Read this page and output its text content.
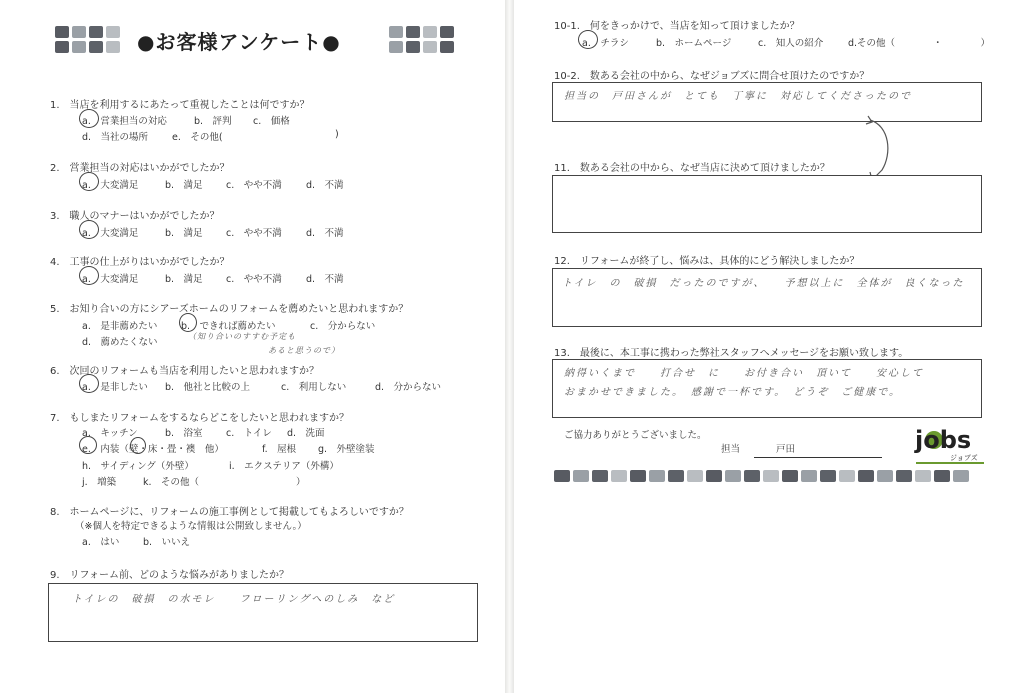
●お客様アンケート●
1.　当店を利用するにあたって重視したことは何ですか？
a.　営業担当の対応	b.　評判 c.　価格
d.　当社の場所	e.　その他(	)
2.　営業担当の対応はいかがでしたか？
a.　大変満足	b.　満足 c.　やや不満	d.　不満
3.　職人のマナーはいかがでしたか？
a.　大変満足	b.　満足 c.　やや不満	d.　不満
4.　工事の仕上がりはいかがでしたか？
a.　大変満足	b.　満足 c.　やや不満	d.　不満
5.　お知り合いの方にシアーズホームのリフォームを薦めたいと思われますか？
a.　是非薦めたい b.　できれば薦めたい	c.　分からない
d.　薦めたくない
（知り合いのすすむ予定も
あると思うので）
6.　次回のリフォームも当店を利用したいと思われますか？
a.　是非したい b.　他社と比較の上	c.　利用しない	d.　分からない
7.　もしまたリフォームをするならどこをしたいと思われますか？
a.　キッチン	b.　浴室 c.　トイレ d.　洗面
e.　内装（壁・床・畳・襖　他）	f.　屋根 g.　外壁塗装
h.　サイディング（外壁）	i.　エクステリア（外構）
j.　増築	k.　その他（	）
8.　ホームページに、リフォームの施工事例として掲載してもよろしいですか？
（※個人を特定できるような情報は公開致しません。）
a.　はい b.　いいえ
9.　リフォーム前、どのような悩みがありましたか？
トイレの　破損　の水モレ　　フローリングへのしみ　など
10-1.　何をきっかけで、当店を知って頂けましたか？
a.　チラシ	b.　ホームページ	c.　知人の紹介	d.その他（　　　　・　　　　）
10-2.　数ある会社の中から、なぜジョブズに問合せ頂けたのですか？
担当の　戸田さんが　とても　丁寧に　対応してくださったので
11.　数ある会社の中から、なぜ当店に決めて頂けましたか？
12.　リフォームが終了し、悩みは、具体的にどう解決しましたか？
トイレ　の　破損　だったのですが、　　予想以上に　全体が　良くなった
13.　最後に、本工事に携わった弊社スタッフへメッセージをお願い致します。
納得いくまで　　打合せ　に　　お付き合い　頂いて　　安心して
おまかせできました。　感謝で一杯です。　どうぞ　ご健康で。
ご協力ありがとうございました。
担当	戸田	jobs
ジョブズ
